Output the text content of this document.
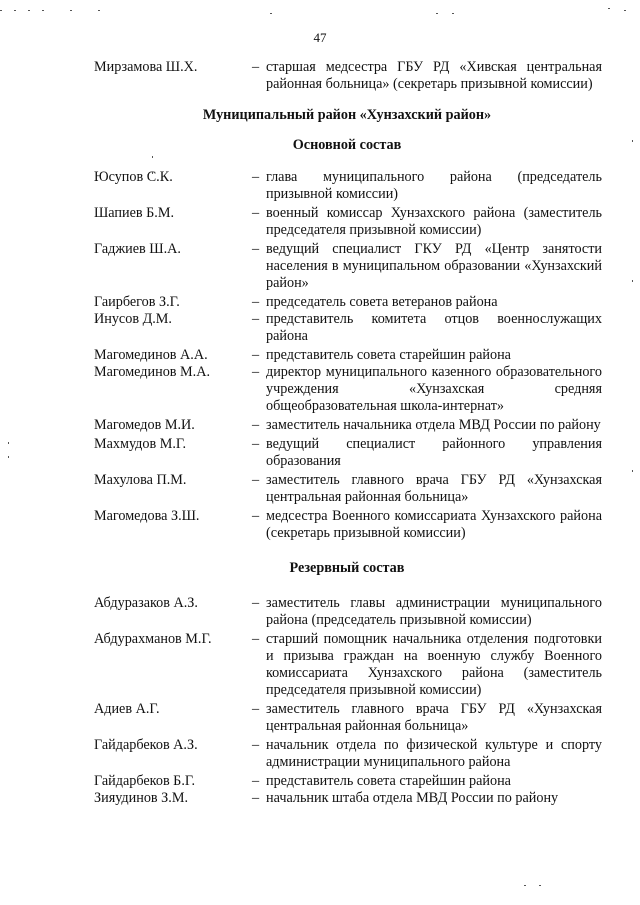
47
Мирзамова Ш.Х.	– старшая медсестра ГБУ РД «Хивская центральная районная больница» (секретарь призывной комиссии)
Муниципальный район «Хунзахский район»
Основной состав
Юсупов С.К.	– глава муниципального района (председатель призывной комиссии)
Шапиев Б.М.	– военный комиссар Хунзахского района (заместитель председателя призывной комиссии)
Гаджиев Ш.А.	– ведущий специалист ГКУ РД «Центр занятости населения в муниципальном образовании «Хунзахский район»
Гаирбегов З.Г.	– председатель совета ветеранов района
Инусов Д.М.	– представитель комитета отцов военнослужащих района
Магомединов А.А.	– представитель совета старейшин района
Магомединов М.А.	– директор муниципального казенного образовательного учреждения «Хунзахская средняя общеобразовательная школа-интернат»
Магомедов М.И.	– заместитель начальника отдела МВД России по району
Махмудов М.Г.	– ведущий специалист районного управления образования
Махулова П.М.	– заместитель главного врача ГБУ РД «Хунзахская центральная районная больница»
Магомедова З.Ш.	– медсестра Военного комиссариата Хунзахского района (секретарь призывной комиссии)
Резервный состав
Абдуразаков А.З.	– заместитель главы администрации муниципального района (председатель призывной комиссии)
Абдурахманов М.Г.	– старший помощник начальника отделения подготовки и призыва граждан на военную службу Военного комиссариата Хунзахского района (заместитель председателя призывной комиссии)
Адиев А.Г.	– заместитель главного врача ГБУ РД «Хунзахская центральная районная больница»
Гайдарбеков А.З.	– начальник отдела по физической культуре и спорту администрации муниципального района
Гайдарбеков Б.Г.	– представитель совета старейшин района
Зияудинов З.М.	– начальник штаба отдела МВД России по району
